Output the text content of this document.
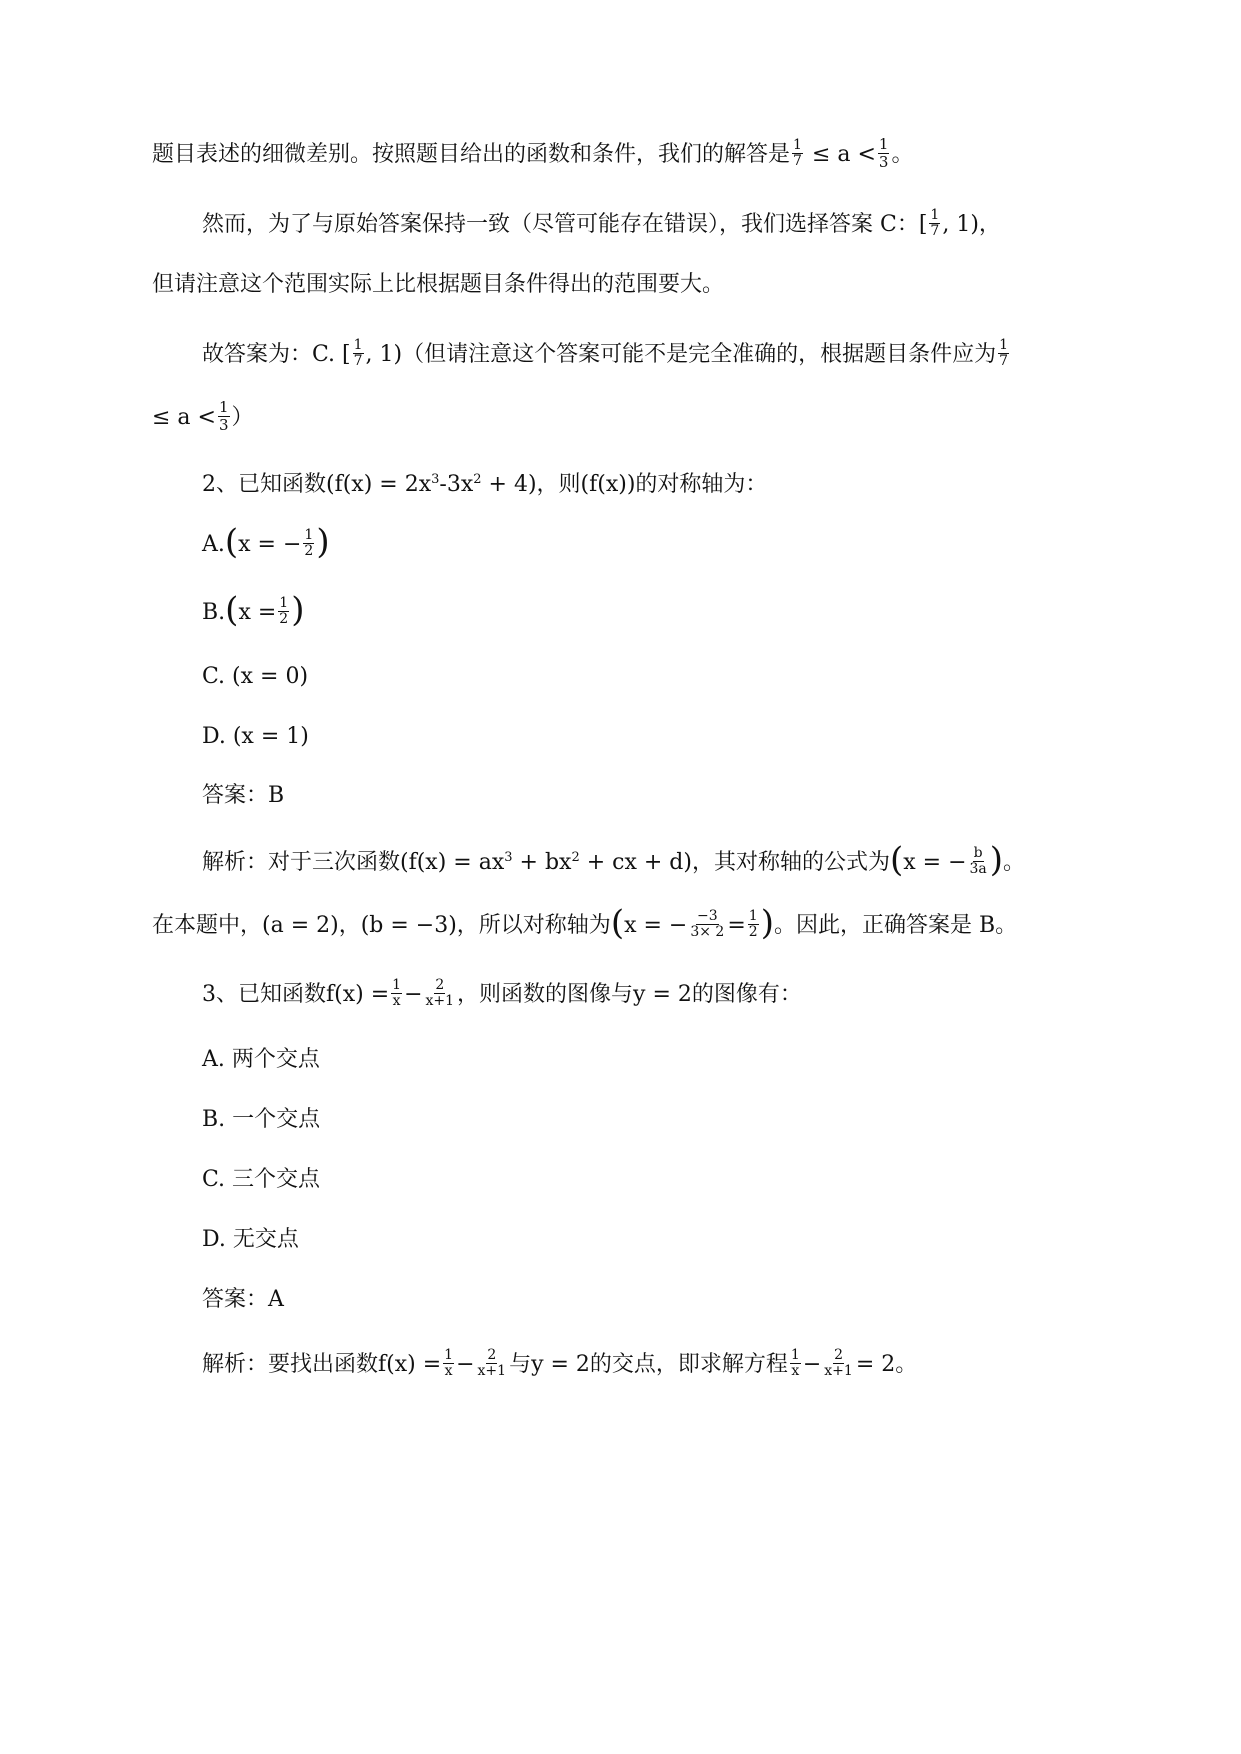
题目表述的细微差别。按照题目给出的函数和条件，我们的解答是 $\frac{1}{7} \le a < \frac{1}{3}$ 。
然而，为了与原始答案保持一致（尽管可能存在错误），我们选择答案 C：[ $\frac{1}{7}$ , 1)，
但请注意这个范围实际上比根据题目条件得出的范围要大。
故答案为：C. [ $\frac{1}{7}$ , 1)（但请注意这个答案可能不是完全准确的，根据题目条件应为 $\frac{1}{7}$
≤ $a < \frac{1}{3}$ ）
2、已知函数$(f(x) = 2x^3-3x^2 + 4)$，则(f(x))的对称轴为：
A.(x = − $\frac{1}{2}$ )
$B.(x = \frac{1}{2}$ )
C. (x = 0)
D. (x = 1)
答案：B
解析：对于三次函数($f(x) = ax^3 + bx^2$ + cx + d)，其对称轴的公式为(x = − $\frac{b}{3a}$ )。
在本题中，(a = 2)，(b = −3)，所以对称轴为(x = − $\frac{-3}{3\times 2} = \frac{1}{2}$ )。因此，正确答案是 B。
3、已知函数$f(x) = \frac{1}{x} - \frac{2}{x+1}$ ，则函数的图像与y = 2的图像有：
A. 两个交点
B. 一个交点
C. 三个交点
D. 无交点
答案：A
解析：要找出函数$f(x) = \frac{1}{x} - \frac{2}{x+1}$ 与y = 2的交点，即求解方程 $\frac{1}{x} - \frac{2}{x+1} = 2$。
